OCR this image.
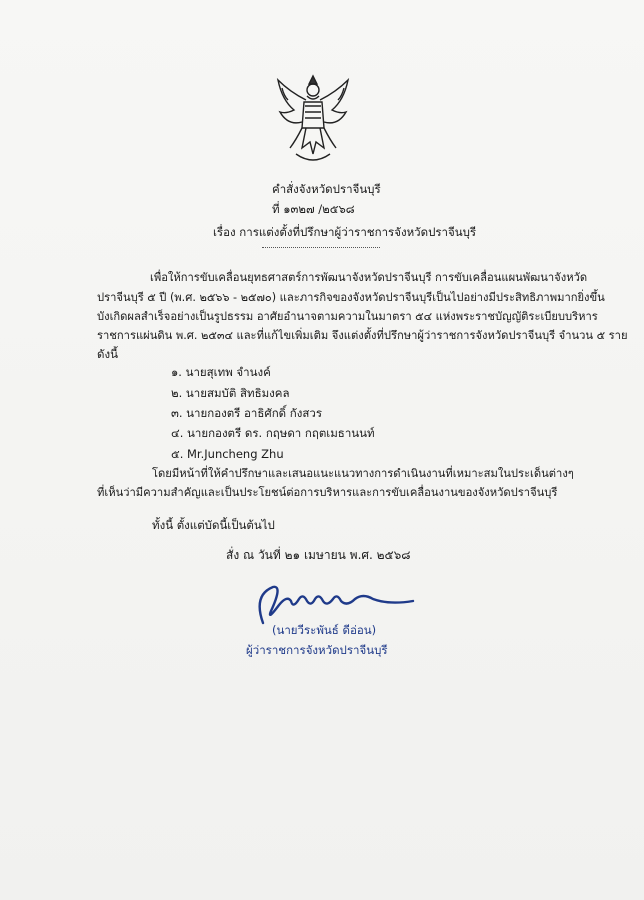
คำสั่งจังหวัดปราจีนบุรี
ที่ ๑๓๒๗ /๒๕๖๘
เรื่อง การแต่งตั้งที่ปรึกษาผู้ว่าราชการจังหวัดปราจีนบุรี
เพื่อให้การขับเคลื่อนยุทธศาสตร์การพัฒนาจังหวัดปราจีนบุรี การขับเคลื่อนแผนพัฒนาจังหวัด
ปราจีนบุรี ๕ ปี (พ.ศ. ๒๕๖๖ - ๒๕๗๐) และภารกิจของจังหวัดปราจีนบุรีเป็นไปอย่างมีประสิทธิภาพมากยิ่งขึ้น
บังเกิดผลสำเร็จอย่างเป็นรูปธรรม อาศัยอำนาจตามความในมาตรา ๕๔ แห่งพระราชบัญญัติระเบียบบริหาร
ราชการแผ่นดิน พ.ศ. ๒๕๓๔ และที่แก้ไขเพิ่มเติม จึงแต่งตั้งที่ปรึกษาผู้ว่าราชการจังหวัดปราจีนบุรี จำนวน ๕ ราย
ดังนี้
๑. นายสุเทพ จำนงค์
๒. นายสมบัติ สิทธิมงคล
๓. นายกองตรี อาธิศักดิ์ กังสวร
๔. นายกองตรี ดร. กฤษดา กฤตเมธานนท์
๕. Mr.Juncheng Zhu
โดยมีหน้าที่ให้คำปรึกษาและเสนอแนะแนวทางการดำเนินงานที่เหมาะสมในประเด็นต่างๆ
ที่เห็นว่ามีความสำคัญและเป็นประโยชน์ต่อการบริหารและการขับเคลื่อนงานของจังหวัดปราจีนบุรี
ทั้งนี้ ตั้งแต่บัดนี้เป็นต้นไป
สั่ง ณ วันที่ ๒๑ เมษายน พ.ศ. ๒๕๖๘
(นายวีระพันธ์ ดีอ่อน)
ผู้ว่าราชการจังหวัดปราจีนบุรี
